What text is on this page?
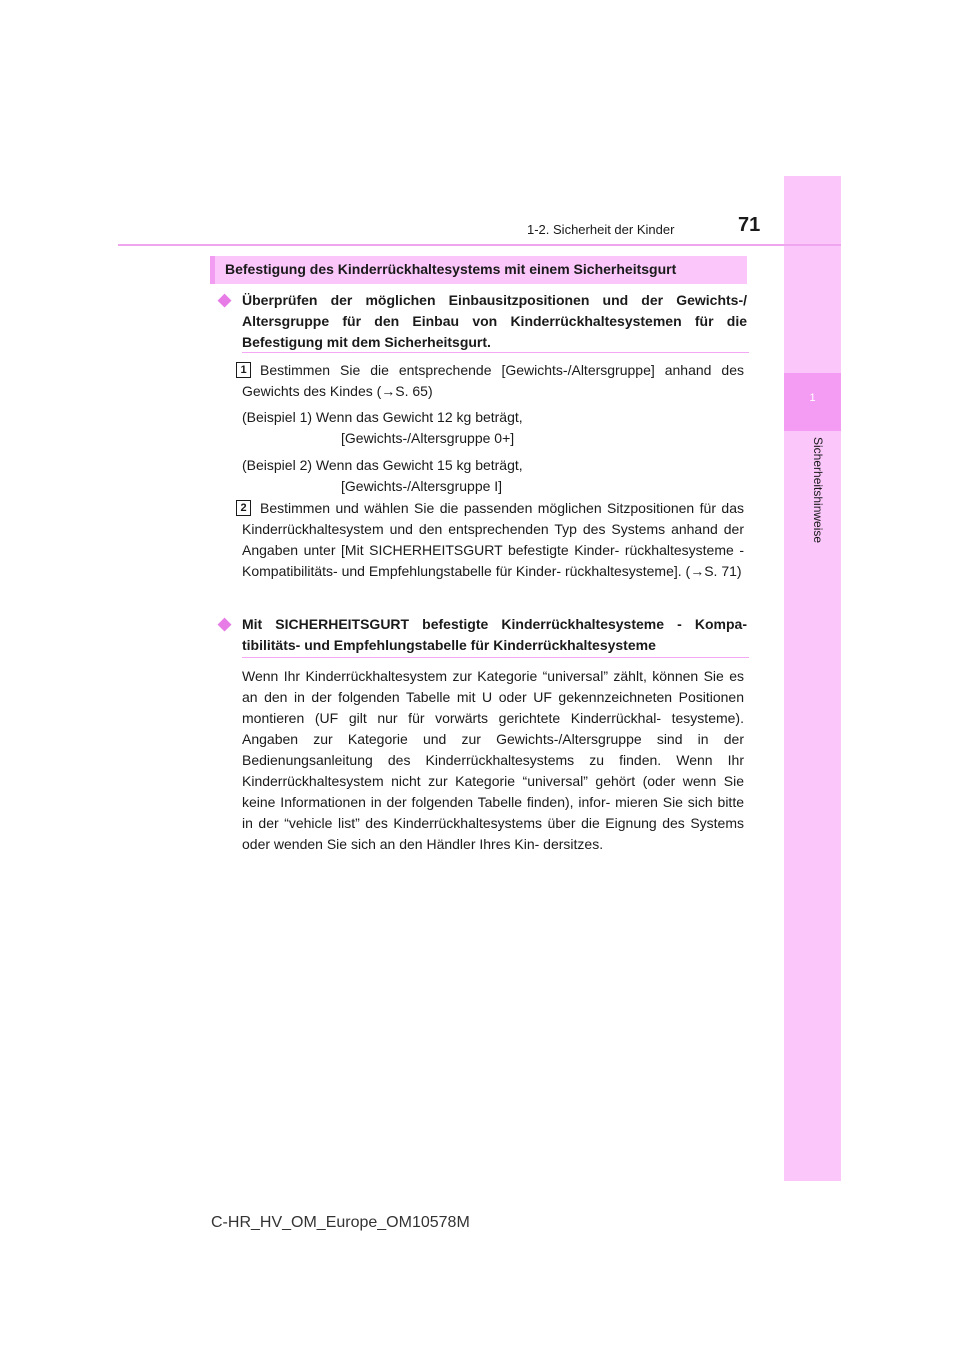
1
Sicherheitshinweise
1-2. Sicherheit der Kinder	71
Befestigung des Kinderrückhaltesystems mit einem Sicherheitsgurt
◆ Überprüfen der möglichen Einbausitzpositionen und der Gewichts-/ Altersgruppe für den Einbau von Kinderrückhaltesystemen für die Befestigung mit dem Sicherheitsgurt.
1 Bestimmen Sie die entsprechende [Gewichts-/Altersgruppe] anhand des Gewichts des Kindes (→S. 65)
(Beispiel 1) Wenn das Gewicht 12 kg beträgt,
[Gewichts-/Altersgruppe 0+]
(Beispiel 2) Wenn das Gewicht 15 kg beträgt,
[Gewichts-/Altersgruppe I]
2 Bestimmen und wählen Sie die passenden möglichen Sitzpositionen für das Kinderrückhaltesystem und den entsprechenden Typ des Systems anhand der Angaben unter [Mit SICHERHEITSGURT befestigte Kinder- rückhaltesysteme - Kompatibilitäts- und Empfehlungstabelle für Kinder- rückhaltesysteme]. (→S. 71)
◆ Mit SICHERHEITSGURT befestigte Kinderrückhaltesysteme - Kompa- tibilitäts- und Empfehlungstabelle für Kinderrückhaltesysteme
Wenn Ihr Kinderrückhaltesystem zur Kategorie “universal” zählt, können Sie es an den in der folgenden Tabelle mit U oder UF gekennzeichneten Positionen montieren (UF gilt nur für vorwärts gerichtete Kinderrückhal- tesysteme). Angaben zur Kategorie und zur Gewichts-/Altersgruppe sind in der Bedienungsanleitung des Kinderrückhaltesystems zu finden. Wenn Ihr Kinderrückhaltesystem nicht zur Kategorie “universal” gehört (oder wenn Sie keine Informationen in der folgenden Tabelle finden), infor- mieren Sie sich bitte in der “vehicle list” des Kinderrückhaltesystems über die Eignung des Systems oder wenden Sie sich an den Händler Ihres Kin- dersitzes.
C-HR_HV_OM_Europe_OM10578M
